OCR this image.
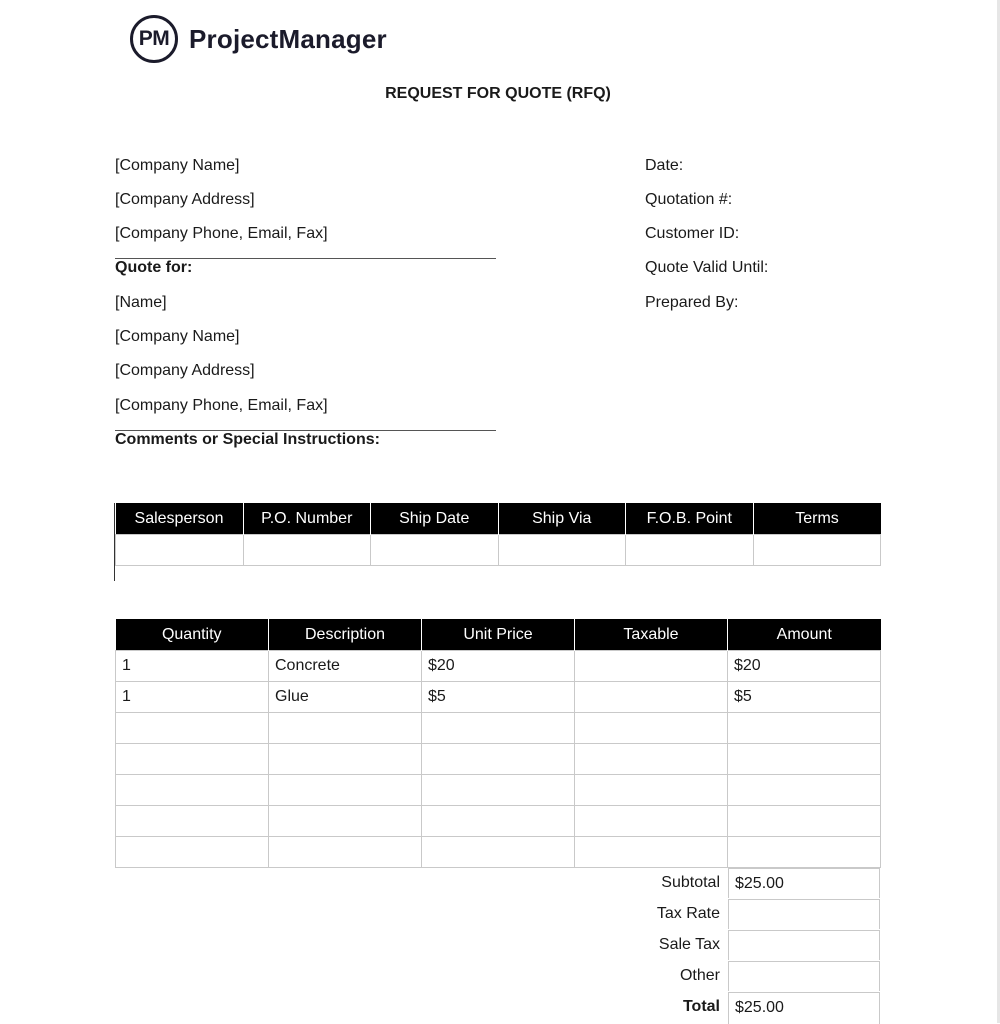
PM ProjectManager
REQUEST FOR QUOTE (RFQ)
[Company Name]
[Company Address]
[Company Phone, Email, Fax]
Quote for:
[Name]
[Company Name]
[Company Address]
[Company Phone, Email, Fax]
Comments or Special Instructions:
Date:
Quotation #:
Customer ID:
Quote Valid Until:
Prepared By:
Salesperson	P.O. Number	Ship Date	Ship Via	F.O.B. Point	Terms

Quantity	Description	Unit Price	Taxable	Amount
1	Concrete	$20		$20
1	Glue	$5		$5

Subtotal $25.00
Tax Rate
Sale Tax
Other
Total $25.00
